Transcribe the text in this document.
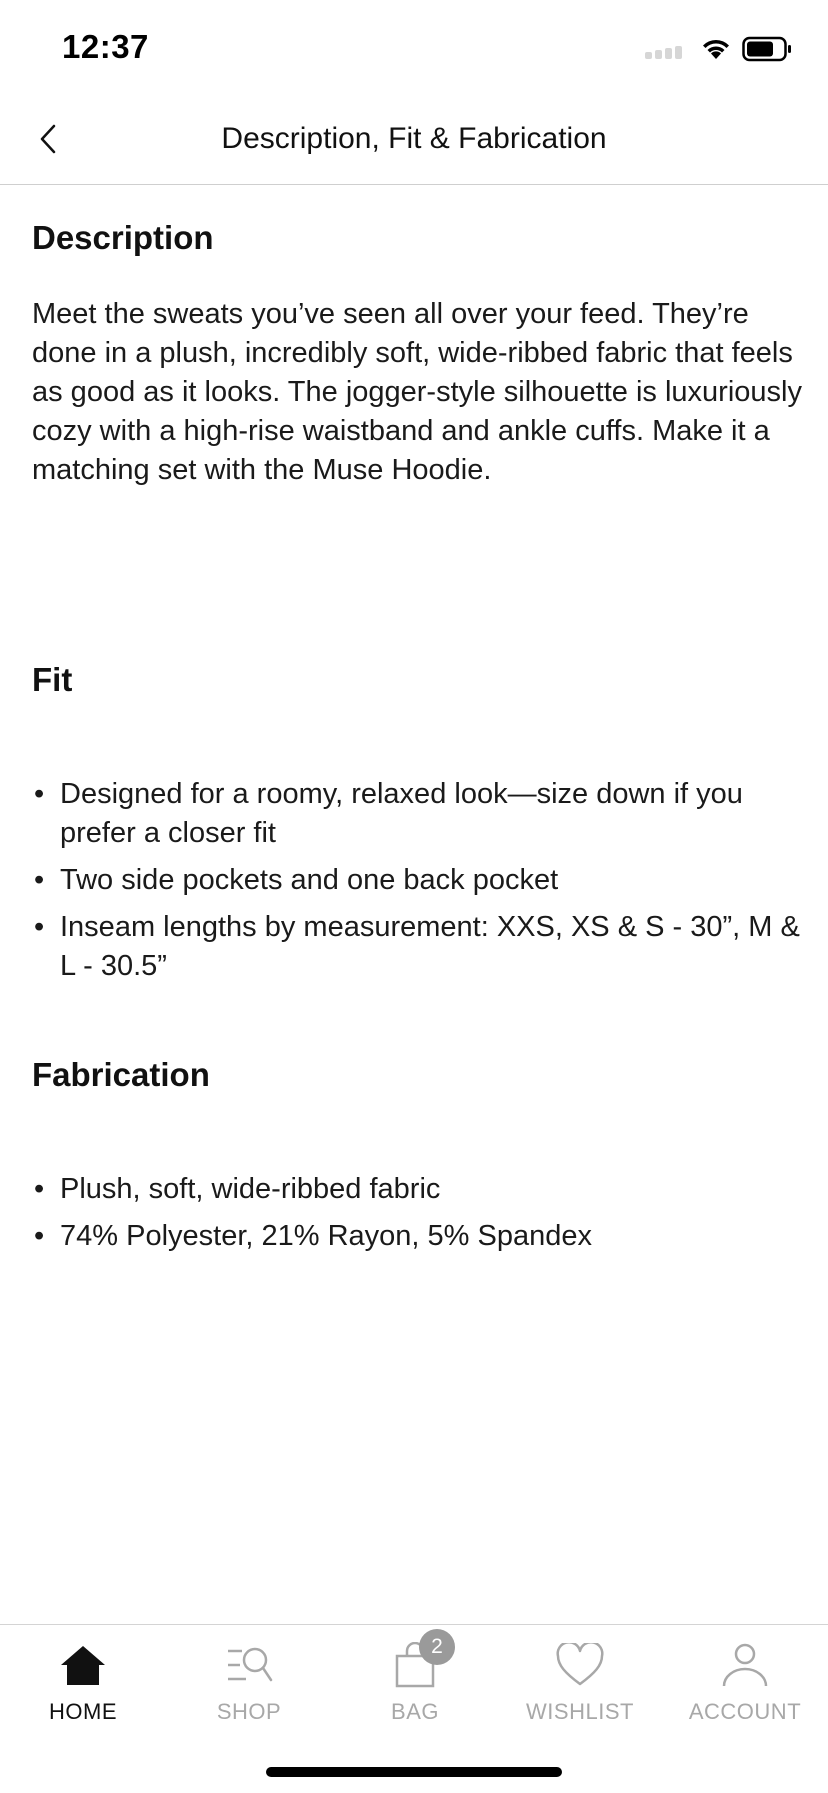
12:37
Description, Fit & Fabrication
Description
Meet the sweats you’ve seen all over your feed. They’re done in a plush, incredibly soft, wide-ribbed fabric that feels as good as it looks. The jogger-style silhouette is luxuriously cozy with a high-rise waistband and ankle cuffs. Make it a matching set with the Muse Hoodie.
Fit
• Designed for a roomy, relaxed look—size down if you prefer a closer fit
• Two side pockets and one back pocket
• Inseam lengths by measurement: XXS, XS & S - 30”, M & L - 30.5”
Fabrication
• Plush, soft, wide-ribbed fabric
• 74% Polyester, 21% Rayon, 5% Spandex
HOME	SHOP
2
BAG	WISHLIST ACCOUNT
